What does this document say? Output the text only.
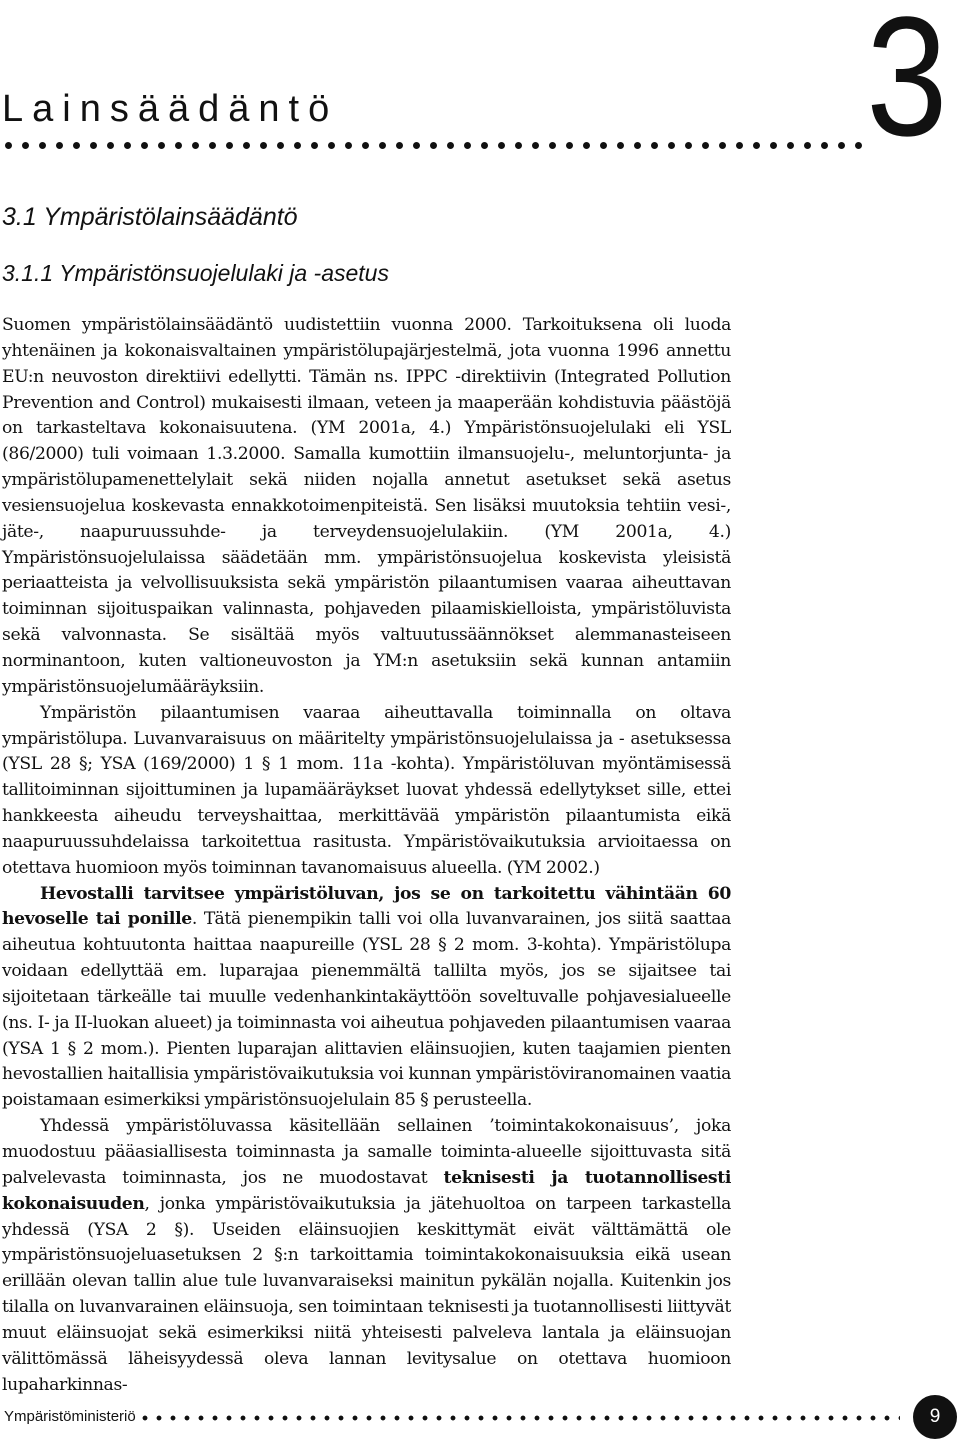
Lainsäädäntö	3
3.1 Ympäristölainsäädäntö
3.1.1 Ympäristönsuojelulaki ja -asetus

Suomen ympäristölainsäädäntö uudistettiin vuonna 2000. Tarkoituksena oli luoda yhtenäinen ja kokonaisvaltainen ympäristölupajärjestelmä, jota vuonna 1996 annettu EU:n neuvoston direktiivi edellytti. Tämän ns. IPPC -direktiivin (Integrated Pollution Prevention and Control) mukaisesti ilmaan, veteen ja maaperään kohdistuvia päästöjä on tarkasteltava kokonaisuutena. (YM 2001a, 4.) Ympäristönsuojelulaki eli YSL (86/2000) tuli voimaan 1.3.2000. Samalla kumottiin ilmansuojelu-, meluntorjunta- ja ympäristölupamenettelylait sekä niiden nojalla annetut asetukset sekä asetus vesiensuojelua koskevasta ennakkotoimenpiteistä. Sen lisäksi muutoksia tehtiin vesi-, jäte-, naapuruussuhde- ja terveydensuojelulakiin. (YM 2001a, 4.) Ympäristönsuojelulaissa säädetään mm. ympäristönsuojelua koskevista yleisistä periaatteista ja velvollisuuksista sekä ympäristön pilaantumisen vaaraa aiheuttavan toiminnan sijoituspaikan valinnasta, pohjaveden pilaamiskielloista, ympäristöluvista sekä valvonnasta. Se sisältää myös valtuutussäännökset alemmanasteiseen norminantoon, kuten valtioneuvoston ja YM:n asetuksiin sekä kunnan antamiin ympäristönsuojelumääräyksiin.

Ympäristön pilaantumisen vaaraa aiheuttavalla toiminnalla on oltava ympäristölupa. Luvanvaraisuus on määritelty ympäristönsuojelulaissa ja - asetuksessa (YSL 28 §; YSA (169/2000) 1 § 1 mom. 11a -kohta). Ympäristöluvan myöntämisessä tallitoiminnan sijoittuminen ja lupamääräykset luovat yhdessä edellytykset sille, ettei hankkeesta aiheudu terveyshaittaa, merkittävää ympäristön pilaantumista eikä naapuruussuhdelaissa tarkoitettua rasitusta. Ympäristövaikutuksia arvioitaessa on otettava huomioon myös toiminnan tavanomaisuus alueella. (YM 2002.)

Hevostalli tarvitsee ympäristöluvan, jos se on tarkoitettu vähintään 60 hevoselle tai ponille. Tätä pienempikin talli voi olla luvanvarainen, jos siitä saattaa aiheutua kohtuutonta haittaa naapureille (YSL 28 § 2 mom. 3-kohta). Ympäristölupa voidaan edellyttää em. luparajaa pienemmältä tallilta myös, jos se sijaitsee tai sijoitetaan tärkeälle tai muulle vedenhankintakäyttöön soveltuvalle pohjavesialueelle (ns. I- ja II-luokan alueet) ja toiminnasta voi aiheutua pohjaveden pilaantumisen vaaraa (YSA 1 § 2 mom.). Pienten luparajan alittavien eläinsuojien, kuten taajamien pienten hevostallien haitallisia ympäristövaikutuksia voi kunnan ympäristöviranomainen vaatia poistamaan esimerkiksi ympäristönsuojelulain 85 § perusteella.

Yhdessä ympäristöluvassa käsitellään sellainen ’toimintakokonaisuus’, joka muodostuu pääasiallisesta toiminnasta ja samalle toiminta-alueelle sijoittuvasta sitä palvelevasta toiminnasta, jos ne muodostavat teknisesti ja tuotannollisesti kokonaisuuden, jonka ympäristövaikutuksia ja jätehuoltoa on tarpeen tarkastella yhdessä (YSA 2 §). Useiden eläinsuojien keskittymät eivät välttämättä ole ympäristönsuojeluasetuksen 2 §:n tarkoittamia toimintakokonaisuuksia eikä usean erillään olevan tallin alue tule luvanvaraiseksi mainitun pykälän nojalla. Kuitenkin jos tilalla on luvanvarainen eläinsuoja, sen toimintaan teknisesti ja tuotannollisesti liittyvät muut eläinsuojat sekä esimerkiksi niitä yhteisesti palveleva lantala ja eläinsuojan välittömässä läheisyydessä oleva lannan levitysalue on otettava huomioon lupaharkinnas-

Ympäristöministeriö	9
